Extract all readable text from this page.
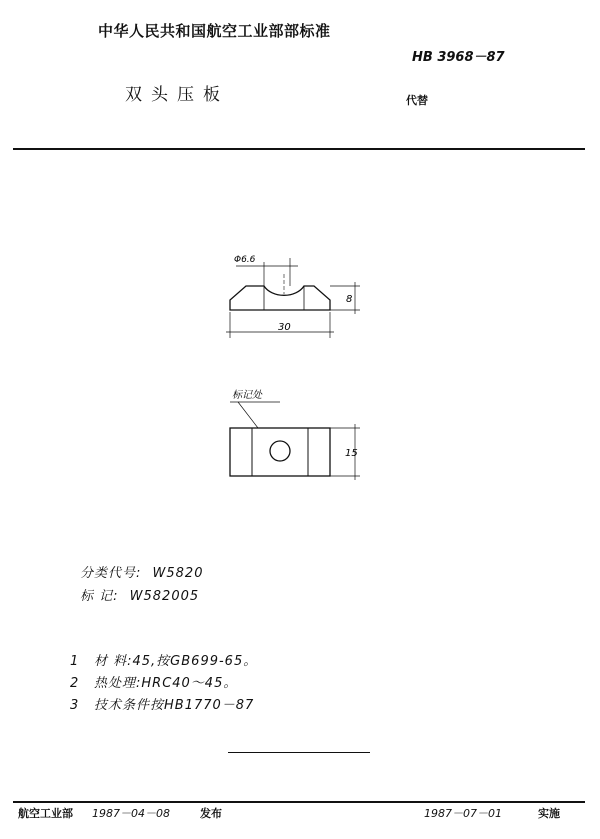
中华人民共和国航空工业部部标准
HB 3968－87
双头压板	代替
Φ6.6
8
30
标记处
15
分类代号: W5820
标 记: W582005
1 材 料:45,按GB699-65。
2 热处理:HRC40～45。
3 技术条件按HB1770－87
航空工业部 1987－04－08	发布	1987－07－01	实施
